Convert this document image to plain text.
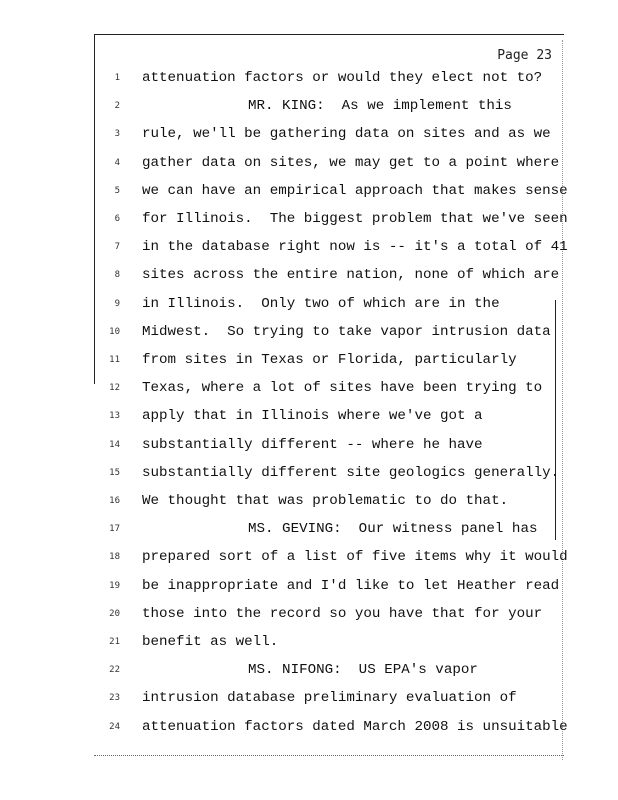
Page 23
1 attenuation factors or would they elect not to?
2	MR. KING:  As we implement this
3 rule, we'll be gathering data on sites and as we
4 gather data on sites, we may get to a point where
5 we can have an empirical approach that makes sense
6 for Illinois.  The biggest problem that we've seen
7 in the database right now is -- it's a total of 41
8 sites across the entire nation, none of which are
9 in Illinois.  Only two of which are in the
10 Midwest.  So trying to take vapor intrusion data
11 from sites in Texas or Florida, particularly
12 Texas, where a lot of sites have been trying to
13 apply that in Illinois where we've got a
14 substantially different -- where he have
15 substantially different site geologics generally.
16 We thought that was problematic to do that.
17	MS. GEVING:  Our witness panel has
18 prepared sort of a list of five items why it would
19 be inappropriate and I'd like to let Heather read
20 those into the record so you have that for your
21 benefit as well.
22	MS. NIFONG:  US EPA's vapor
23 intrusion database preliminary evaluation of
24 attenuation factors dated March 2008 is unsuitable
